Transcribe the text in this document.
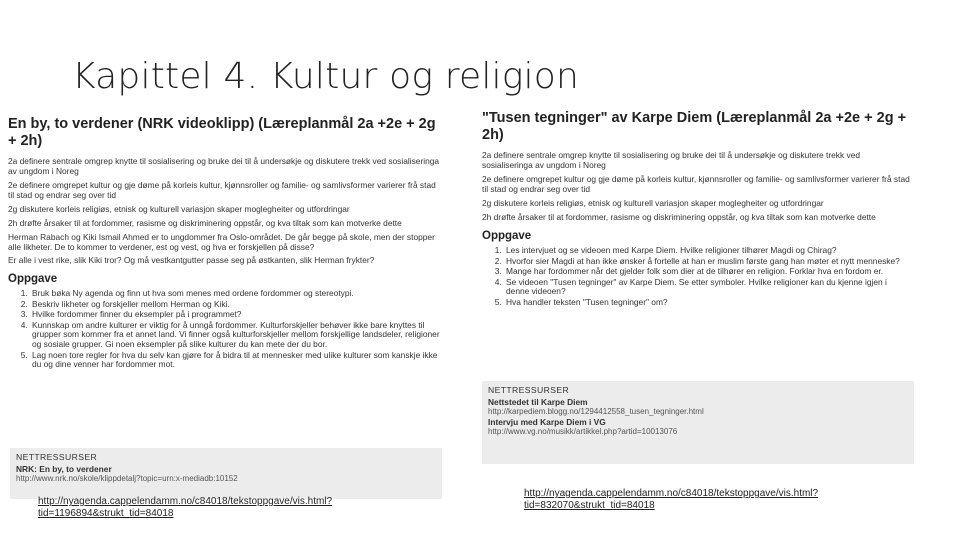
Kapittel 4. Kultur og religion
En by, to verdener (NRK videoklipp) (Læreplanmål 2a +2e + 2g + 2h)

2a definere sentrale omgrep knytte til sosialisering og bruke dei til å undersøkje og diskutere trekk ved sosialiseringa av ungdom i Noreg

2e definere omgrepet kultur og gje døme på korleis kultur, kjønnsroller og familie- og samlivsformer varierer frå stad til stad og endrar seg over tid

2g diskutere korleis religiøs, etnisk og kulturell variasjon skaper moglegheiter og utfordringar

2h drøfte årsaker til at fordommer, rasisme og diskriminering oppstår, og kva tiltak som kan motverke dette

Herman Rabach og Kiki Ismail Ahmed er to ungdommer fra Oslo-området. De går begge på skole, men der stopper alle likheter. De to kommer to verdener, est og vest, og hva er forskjellen på disse?

Er alle i vest rike, slik Kiki tror? Og må vestkantgutter passe seg på østkanten, slik Herman frykter?

Oppgave
1. Bruk bøka Ny agenda og finn ut hva som menes med ordene fordommer og stereotypi.
2. Beskriv likheter og forskjeller mellom Herman og Kiki.
3. Hvilke fordommer finner du eksempler på i programmet?
4. Kunnskap om andre kulturer er viktig for å unngå fordommer. Kulturforskjeller behøver ikke bare knyttes til grupper som kommer fra et annet land. Vi finner også kulturforskjeller mellom forskjellige landsdeler, religioner og sosiale grupper. Gi noen eksempler på slike kulturer du kan mete der du bor.
5. Lag noen tore regler for hva du selv kan gjøre for å bidra til at mennesker med ulike kulturer som kanskje ikke du og dine venner har fordommer mot.
NETTRESSURSER
NRK: En by, to verdener
http://www.nrk.no/skole/klippdetalj?topic=urn:x-mediadb:10152
http://nyagenda.cappelendamm.no/c84018/tekstoppgave/vis.html?tid=1196894&strukt_tid=84018
"Tusen tegninger" av Karpe Diem (Læreplanmål 2a +2e + 2g + 2h)

2a definere sentrale omgrep knytte til sosialisering og bruke dei til å undersøkje og diskutere trekk ved sosialiseringa av ungdom i Noreg

2e definere omgrepet kultur og gje døme på korleis kultur, kjønnsroller og familie- og samlivsformer varierer frå stad til stad og endrar seg over tid

2g diskutere korleis religiøs, etnisk og kulturell variasjon skaper moglegheiter og utfordringar

2h drøfte årsaker til at fordommer, rasisme og diskriminering oppstår, og kva tiltak som kan motverke dette

Oppgave
1. Les intervjuet og se videoen med Karpe Diem. Hvilke religioner tilhører Magdi og Chirag?
2. Hvorfor sier Magdi at han ikke ønsker å fortelle at han er muslim første gang han møter et nytt menneske?
3. Mange har fordommer når det gjelder folk som dier at de tilhører en religion. Forklar hva en fordom er.
4. Se videoen "Tusen tegninger" av Karpe Diem. Se etter symboler. Hvilke religioner kan du kjenne igjen i denne videoen?
5. Hva handler teksten "Tusen tegninger" om?
NETTRESSURSER
Nettstedet til Karpe Diem
http://karpediem.blogg.no/1294412558_tusen_tegninger.html
Intervju med Karpe Diem i VG
http://www.vg.no/musikk/artikkel.php?artid=10013076
http://nyagenda.cappelendamm.no/c84018/tekstoppgave/vis.html?tid=832070&strukt_tid=84018
